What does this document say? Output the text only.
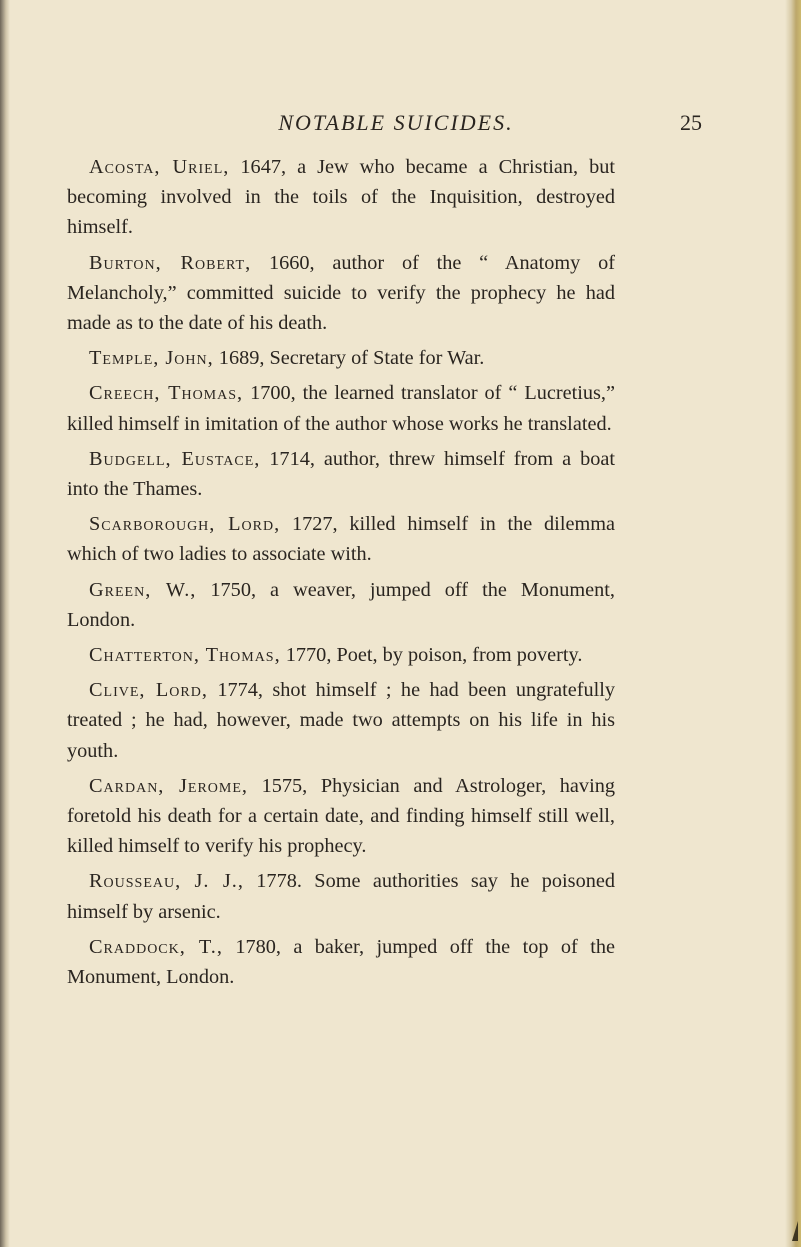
NOTABLE SUICIDES.	25

Acosta, Uriel, 1647, a Jew who became a Christian, but becoming involved in the toils of the Inquisition, destroyed himself.

Burton, Robert, 1660, author of the “ Anatomy of Melancholy,” committed suicide to verify the prophecy he had made as to the date of his death.

Temple, John, 1689, Secretary of State for War.

Creech, Thomas, 1700, the learned translator of “ Lucretius,” killed himself in imitation of the author whose works he translated.

Budgell, Eustace, 1714, author, threw himself from a boat into the Thames.

Scarborough, Lord, 1727, killed himself in the dilemma which of two ladies to associate with.

Green, W., 1750, a weaver, jumped off the Monument, London.

Chatterton, Thomas, 1770, Poet, by poison, from poverty.

Clive, Lord, 1774, shot himself ; he had been ungratefully treated ; he had, however, made two attempts on his life in his youth.

Cardan, Jerome, 1575, Physician and Astrologer, having foretold his death for a certain date, and finding himself still well, killed himself to verify his prophecy.

Rousseau, J. J., 1778. Some authorities say he poisoned himself by arsenic.

Craddock, T., 1780, a baker, jumped off the top of the Monument, London.
